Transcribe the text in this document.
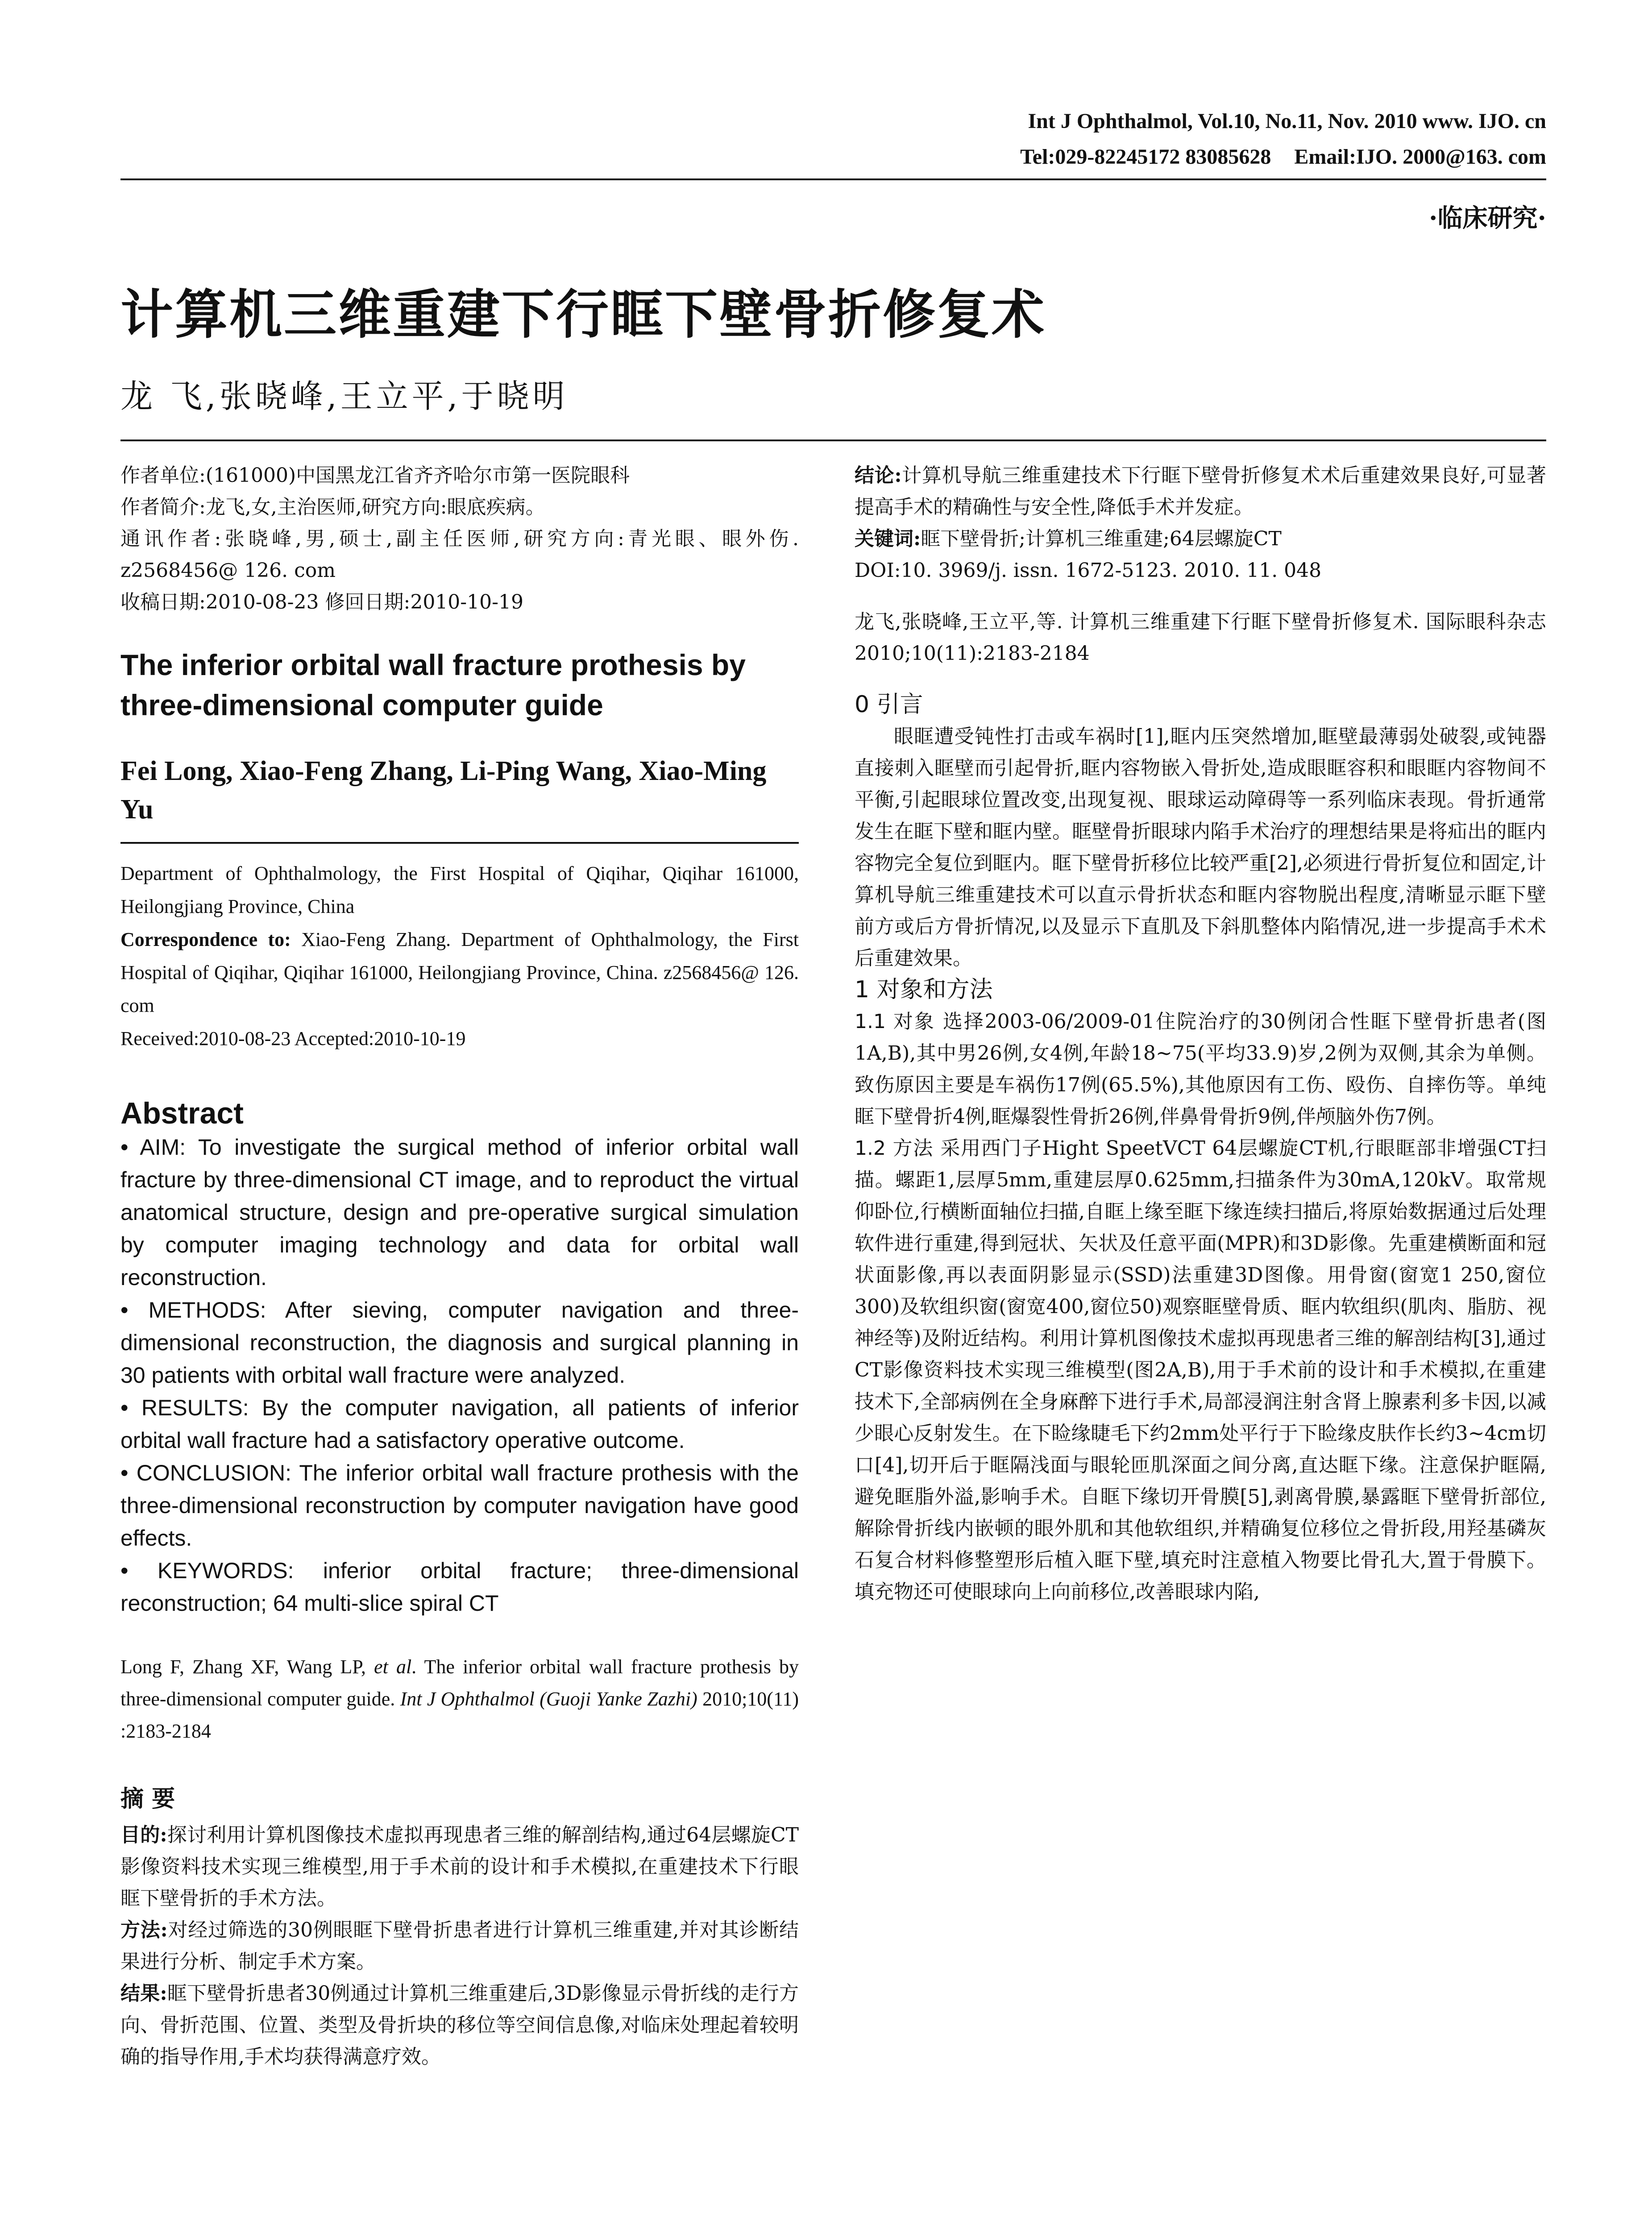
Int J Ophthalmol, Vol.10, No.11, Nov. 2010 www. IJO. cn
Tel:029-82245172 83085628 Email:IJO. 2000@163. com
·临床研究·
计算机三维重建下行眶下壁骨折修复术
龙 飞,张晓峰,王立平,于晓明

作者单位:(161000)中国黑龙江省齐齐哈尔市第一医院眼科

作者简介:龙飞,女,主治医师,研究方向:眼底疾病。

通讯作者:张晓峰,男,硕士,副主任医师,研究方向:青光眼、眼外伤. z2568456@ 126. com

收稿日期:2010-08-23 修回日期:2010-10-19

The inferior orbital wall fracture prothesis by three-dimensional computer guide
Fei Long, Xiao-Feng Zhang, Li-Ping Wang, Xiao-Ming Yu
Department of Ophthalmology, the First Hospital of Qiqihar, Qiqihar 161000, Heilongjiang Province, China
Correspondence to: Xiao-Feng Zhang. Department of Ophthalmology, the First Hospital of Qiqihar, Qiqihar 161000, Heilongjiang Province, China. z2568456@ 126. com
Received:2010-08-23 Accepted:2010-10-19
Abstract

• AIM: To investigate the surgical method of inferior orbital wall fracture by three-dimensional CT image, and to reproduct the virtual anatomical structure, design and pre-operative surgical simulation by computer imaging technology and data for orbital wall reconstruction.

• METHODS: After sieving, computer navigation and three-dimensional reconstruction, the diagnosis and surgical planning in 30 patients with orbital wall fracture were analyzed.

• RESULTS: By the computer navigation, all patients of inferior orbital wall fracture had a satisfactory operative outcome.

• CONCLUSION: The inferior orbital wall fracture prothesis with the three-dimensional reconstruction by computer navigation have good effects.

• KEYWORDS: inferior orbital fracture; three-dimensional reconstruction; 64 multi-slice spiral CT

Long F, Zhang XF, Wang LP, et al. The inferior orbital wall fracture prothesis by three-dimensional computer guide. Int J Ophthalmol (Guoji Yanke Zazhi) 2010;10(11) :2183-2184
摘 要

目的:探讨利用计算机图像技术虚拟再现患者三维的解剖结构,通过64层螺旋CT影像资料技术实现三维模型,用于手术前的设计和手术模拟,在重建技术下行眼眶下壁骨折的手术方法。

方法:对经过筛选的30例眼眶下壁骨折患者进行计算机三维重建,并对其诊断结果进行分析、制定手术方案。

结果:眶下壁骨折患者30例通过计算机三维重建后,3D影像显示骨折线的走行方向、骨折范围、位置、类型及骨折块的移位等空间信息像,对临床处理起着较明确的指导作用,手术均获得满意疗效。

结论:计算机导航三维重建技术下行眶下壁骨折修复术术后重建效果良好,可显著提高手术的精确性与安全性,降低手术并发症。

关键词:眶下壁骨折;计算机三维重建;64层螺旋CT

DOI:10. 3969/j. issn. 1672-5123. 2010. 11. 048

龙飞,张晓峰,王立平,等. 计算机三维重建下行眶下壁骨折修复术. 国际眼科杂志 2010;10(11):2183-2184

0 引言

眼眶遭受钝性打击或车祸时[1],眶内压突然增加,眶壁最薄弱处破裂,或钝器直接刺入眶壁而引起骨折,眶内容物嵌入骨折处,造成眼眶容积和眼眶内容物间不平衡,引起眼球位置改变,出现复视、眼球运动障碍等一系列临床表现。骨折通常发生在眶下壁和眶内壁。眶壁骨折眼球内陷手术治疗的理想结果是将疝出的眶内容物完全复位到眶内。眶下壁骨折移位比较严重[2],必须进行骨折复位和固定,计算机导航三维重建技术可以直示骨折状态和眶内容物脱出程度,清晰显示眶下壁前方或后方骨折情况,以及显示下直肌及下斜肌整体内陷情况,进一步提高手术术后重建效果。

1 对象和方法

1.1 对象 选择2003-06/2009-01住院治疗的30例闭合性眶下壁骨折患者(图1A,B),其中男26例,女4例,年龄18~75(平均33.9)岁,2例为双侧,其余为单侧。致伤原因主要是车祸伤17例(65.5%),其他原因有工伤、殴伤、自摔伤等。单纯眶下壁骨折4例,眶爆裂性骨折26例,伴鼻骨骨折9例,伴颅脑外伤7例。

1.2 方法 采用西门子Hight SpeetVCT 64层螺旋CT机,行眼眶部非增强CT扫描。螺距1,层厚5mm,重建层厚0.625mm,扫描条件为30mA,120kV。取常规仰卧位,行横断面轴位扫描,自眶上缘至眶下缘连续扫描后,将原始数据通过后处理软件进行重建,得到冠状、矢状及任意平面(MPR)和3D影像。先重建横断面和冠状面影像,再以表面阴影显示(SSD)法重建3D图像。用骨窗(窗宽1 250,窗位300)及软组织窗(窗宽400,窗位50)观察眶壁骨质、眶内软组织(肌肉、脂肪、视神经等)及附近结构。利用计算机图像技术虚拟再现患者三维的解剖结构[3],通过CT影像资料技术实现三维模型(图2A,B),用于手术前的设计和手术模拟,在重建技术下,全部病例在全身麻醉下进行手术,局部浸润注射含肾上腺素利多卡因,以减少眼心反射发生。在下睑缘睫毛下约2mm处平行于下睑缘皮肤作长约3~4cm切口[4],切开后于眶隔浅面与眼轮匝肌深面之间分离,直达眶下缘。注意保护眶隔,避免眶脂外溢,影响手术。自眶下缘切开骨膜[5],剥离骨膜,暴露眶下壁骨折部位,解除骨折线内嵌顿的眼外肌和其他软组织,并精确复位移位之骨折段,用羟基磷灰石复合材料修整塑形后植入眶下壁,填充时注意植入物要比骨孔大,置于骨膜下。填充物还可使眼球向上向前移位,改善眼球内陷,
